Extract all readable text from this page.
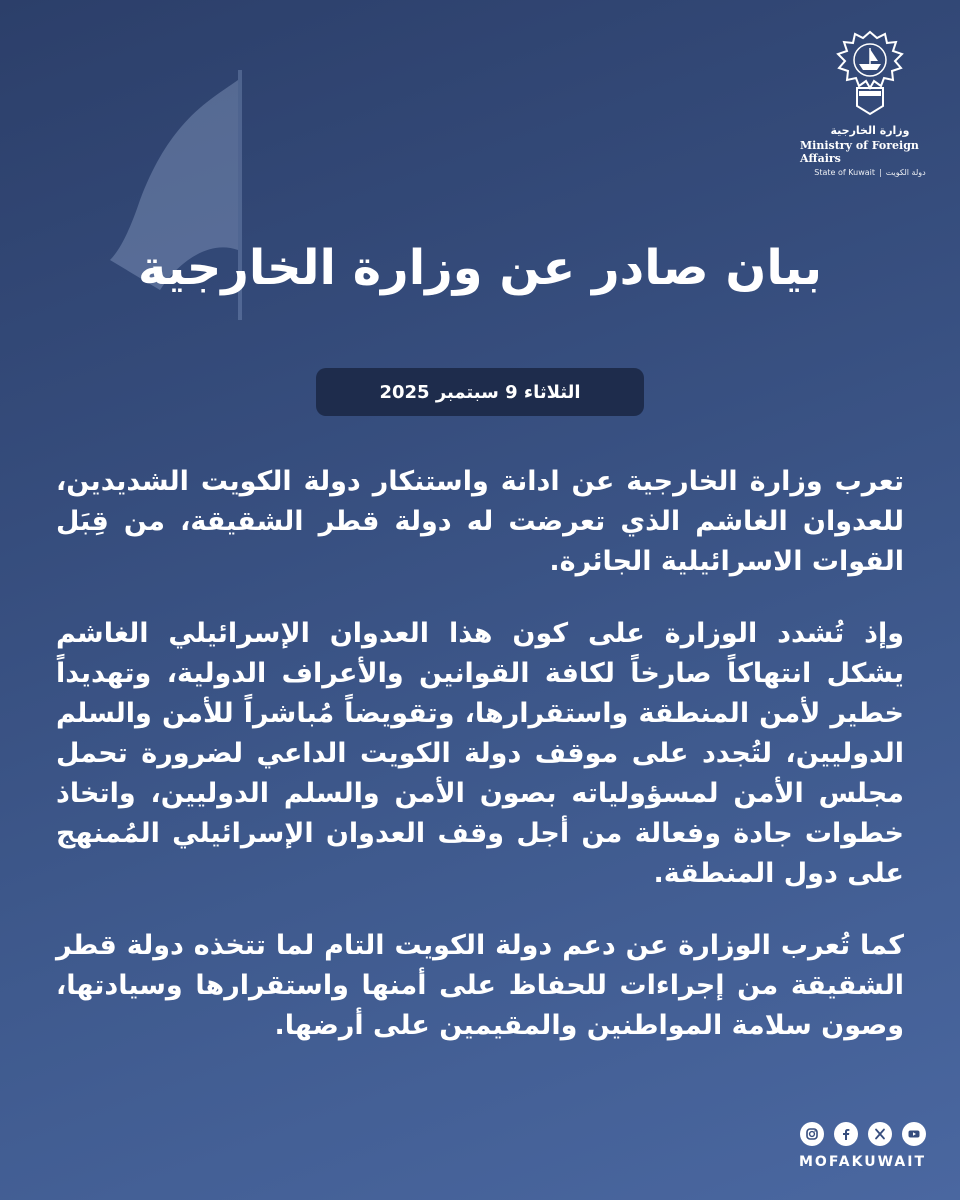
وزارة الخارجية
Ministry of Foreign Affairs
State of Kuwait | دولة الكويت
بيان صادر عن وزارة الخارجية
الثلاثاء 9 سبتمبر 2025

تعرب وزارة الخارجية عن ادانة واستنكار دولة الكويت الشديدين، للعدوان الغاشم الذي تعرضت له دولة قطر الشقيقة، من قِبَل القوات الاسرائيلية الجائرة.

وإذ تُشدد الوزارة على كون هذا العدوان الإسرائيلي الغاشم يشكل انتهاكاً صارخاً لكافة القوانين والأعراف الدولية، وتهديداً خطير لأمن المنطقة واستقرارها، وتقويضاً مُباشراً للأمن والسلم الدوليين، لتُجدد على موقف دولة الكويت الداعي لضرورة تحمل مجلس الأمن لمسؤولياته بصون الأمن والسلم الدوليين، واتخاذ خطوات جادة وفعالة من أجل وقف العدوان الإسرائيلي المُمنهج على دول المنطقة.

كما تُعرب الوزارة عن دعم دولة الكويت التام لما تتخذه دولة قطر الشقيقة من إجراءات للحفاظ على أمنها واستقرارها وسيادتها، وصون سلامة المواطنين والمقيمين على أرضها.

MOFAKUWAIT
